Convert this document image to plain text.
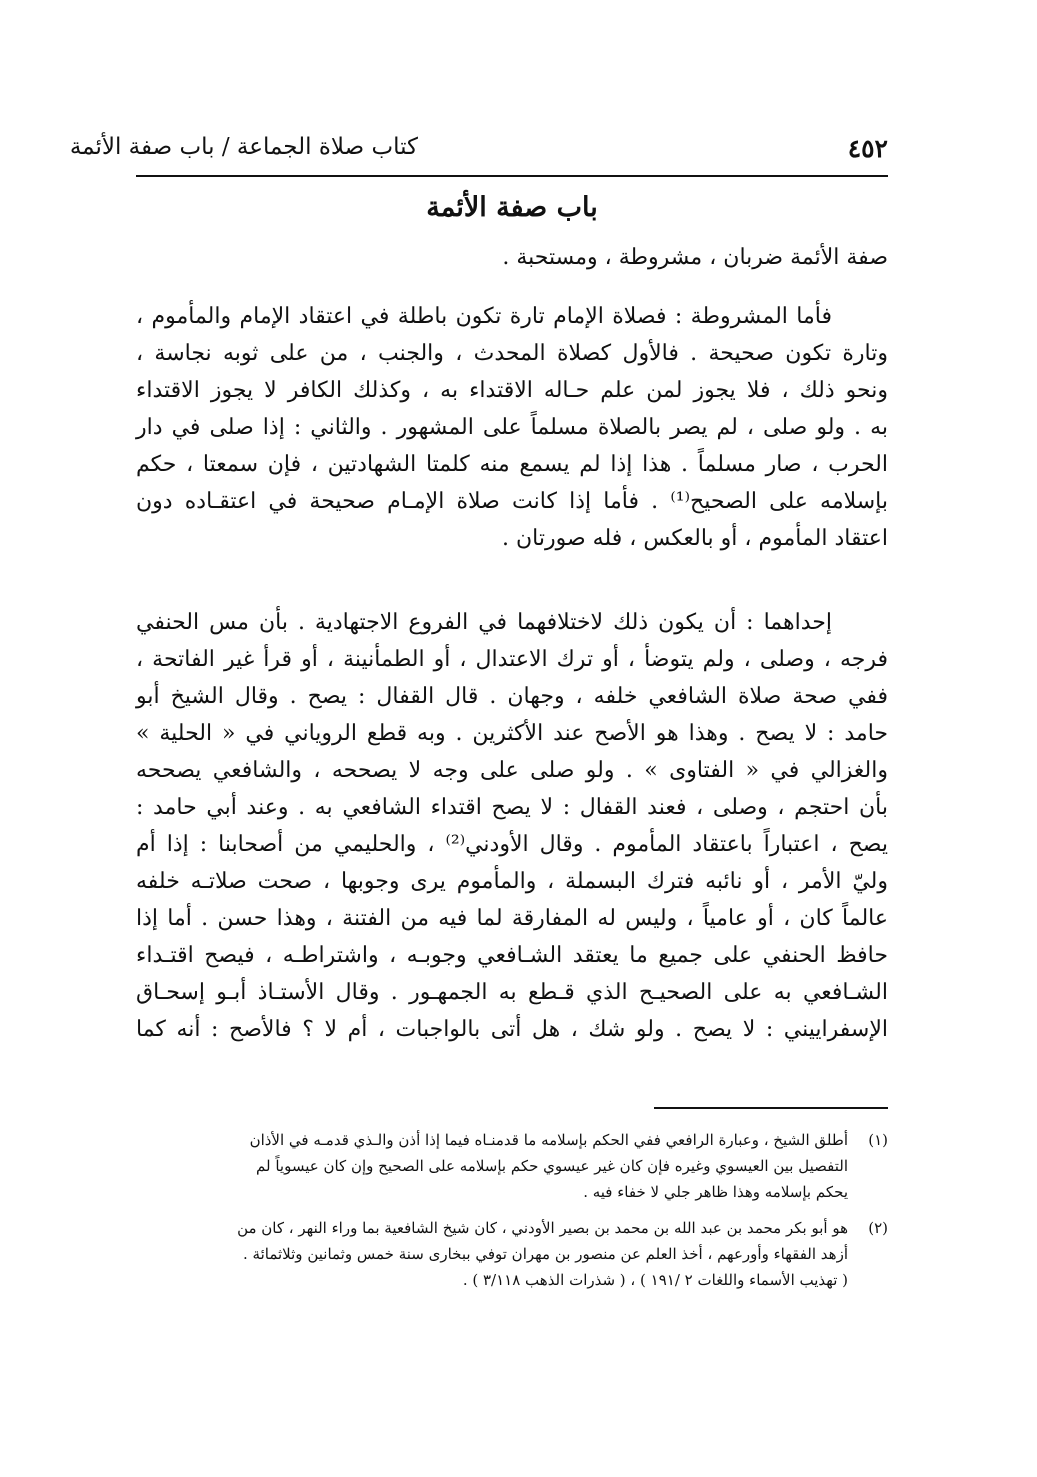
٤٥٢
كتاب صلاة الجماعة / باب صفة الأئمة
باب صفة الأئمة
صفة الأئمة ضربان ، مشروطة ، ومستحبة .
فأما المشروطة : فصلاة الإمام تارة تكون باطلة في اعتقاد الإمام والمأموم ،
وتارة تكون صحيحة . فالأول كصلاة المحدث ، والجنب ، من على ثوبه نجاسة ،
ونحو ذلك ، فلا يجوز لمن علم حـاله الاقتداء به ، وكذلك الكافر لا يجوز الاقتداء
به . ولو صلى ، لم يصر بالصلاة مسلماً على المشهور . والثاني : إذا صلى في دار
الحرب ، صار مسلماً . هذا إذا لم يسمع منه كلمتا الشهادتين ، فإن سمعتا ، حكم
بإسلامه على الصحيح⁽¹⁾ . فأما إذا كانت صلاة الإمـام صحيحة في اعتقـاده دون
اعتقاد المأموم ، أو بالعكس ، فله صورتان .
إحداهما : أن يكون ذلك لاختلافهما في الفروع الاجتهادية . بأن مس الحنفي
فرجه ، وصلى ، ولم يتوضأ ، أو ترك الاعتدال ، أو الطمأنينة ، أو قرأ غير الفاتحة ،
ففي صحة صلاة الشافعي خلفه ، وجهان . قال القفال : يصح . وقال الشيخ أبو
حامد : لا يصح . وهذا هو الأصح عند الأكثرين . وبه قطع الروياني في « الحلية »
والغزالي في « الفتاوى » . ولو صلى على وجه لا يصححه ، والشافعي يصححه
بأن احتجم ، وصلى ، فعند القفال : لا يصح اقتداء الشافعي به . وعند أبي حامد :
يصح ، اعتباراً باعتقاد المأموم . وقال الأودني⁽²⁾ ، والحليمي من أصحابنا : إذا أم
وليّ الأمر ، أو نائبه فترك البسملة ، والمأموم يرى وجوبها ، صحت صلاتـه خلفه
عالماً كان ، أو عامياً ، وليس له المفارقة لما فيه من الفتنة ، وهذا حسن . أما إذا
حافظ الحنفي على جميع ما يعتقد الشـافعي وجوبـه ، واشتراطـه ، فيصح اقتـداء
الشـافعي به على الصحيـح الذي قـطع به الجمهـور . وقال الأستـاذ أبـو إسحـاق
الإسفراييني : لا يصح . ولو شك ، هل أتى بالواجبات ، أم لا ؟ فالأصح : أنه كما
(١)أطلق الشيخ ، وعبارة الرافعي ففي الحكم بإسلامه ما قدمنـاه فيما إذا أذن والـذي قدمـه في الأذان
التفصيل بين العيسوي وغيره فإن كان غير عيسوي حكم بإسلامه على الصحيح وإن كان عيسوياً لم
يحكم بإسلامه وهذا ظاهر جلي لا خفاء فيه .
(٢)هو أبو بكر محمد بن عبد الله بن محمد بن بصير الأودني ، كان شيخ الشافعية بما وراء النهر ، كان من
أزهد الفقهاء وأورعهم ، أخذ العلم عن منصور بن مهران توفي ببخارى سنة خمس وثمانين وثلاثمائة .
( تهذيب الأسماء واللغات ٢ /١٩١ ) ، ( شذرات الذهب ٣/١١٨ ) .
